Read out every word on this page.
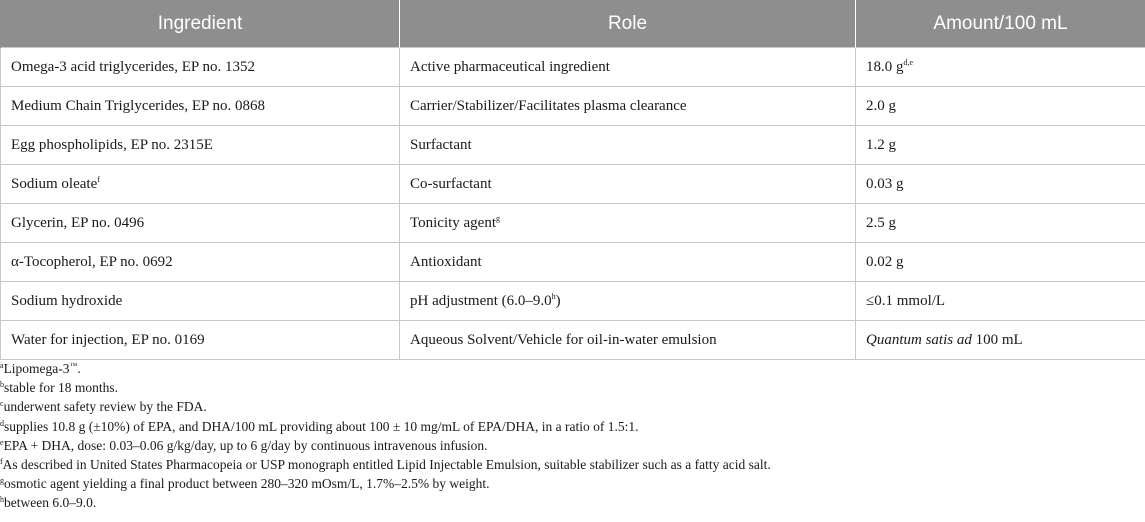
Ingredient	Role	Amount/100 mL
Omega-3 acid triglycerides, EP no. 1352	Active pharmaceutical ingredient	18.0 $g^{d,e}$
Medium Chain Triglycerides, EP no. 0868	Carrier/Stabilizer/Facilitates plasma clearance	2.0 g
Egg phospholipids, EP no. 2315E	Surfactant	1.2 g
Sodium oleate$^f$	Co-surfactant	0.03 g
Glycerin, EP no. 0496	Tonicity agent$^g$	2.5 g
α-Tocopherol, EP no. 0692	Antioxidant	0.02 g
Sodium hydroxide	pH adjustment (6.0–9.0$^h$)	≤0.1 mmol/L
Water for injection, EP no. 0169	Aqueous Solvent/Vehicle for oil-in-water emulsion	Quantum satis ad 100 mL
$^a$Lipomega-3™.
$^b$stable for 18 months.
$^c$underwent safety review by the FDA.
$^d$supplies 10.8 g (±10%) of EPA, and DHA/100 mL providing about 100 ± 10 mg/mL of EPA/DHA, in a ratio of 1.5:1.
$^e$EPA + DHA, dose: 0.03–0.06 g/kg/day, up to 6 g/day by continuous intravenous infusion.
$^f$As described in United States Pharmacopeia or USP monograph entitled Lipid Injectable Emulsion, suitable stabilizer such as a fatty acid salt.
$^g$osmotic agent yielding a final product between 280–320 mOsm/L, 1.7%–2.5% by weight.
$^h$between 6.0–9.0.
